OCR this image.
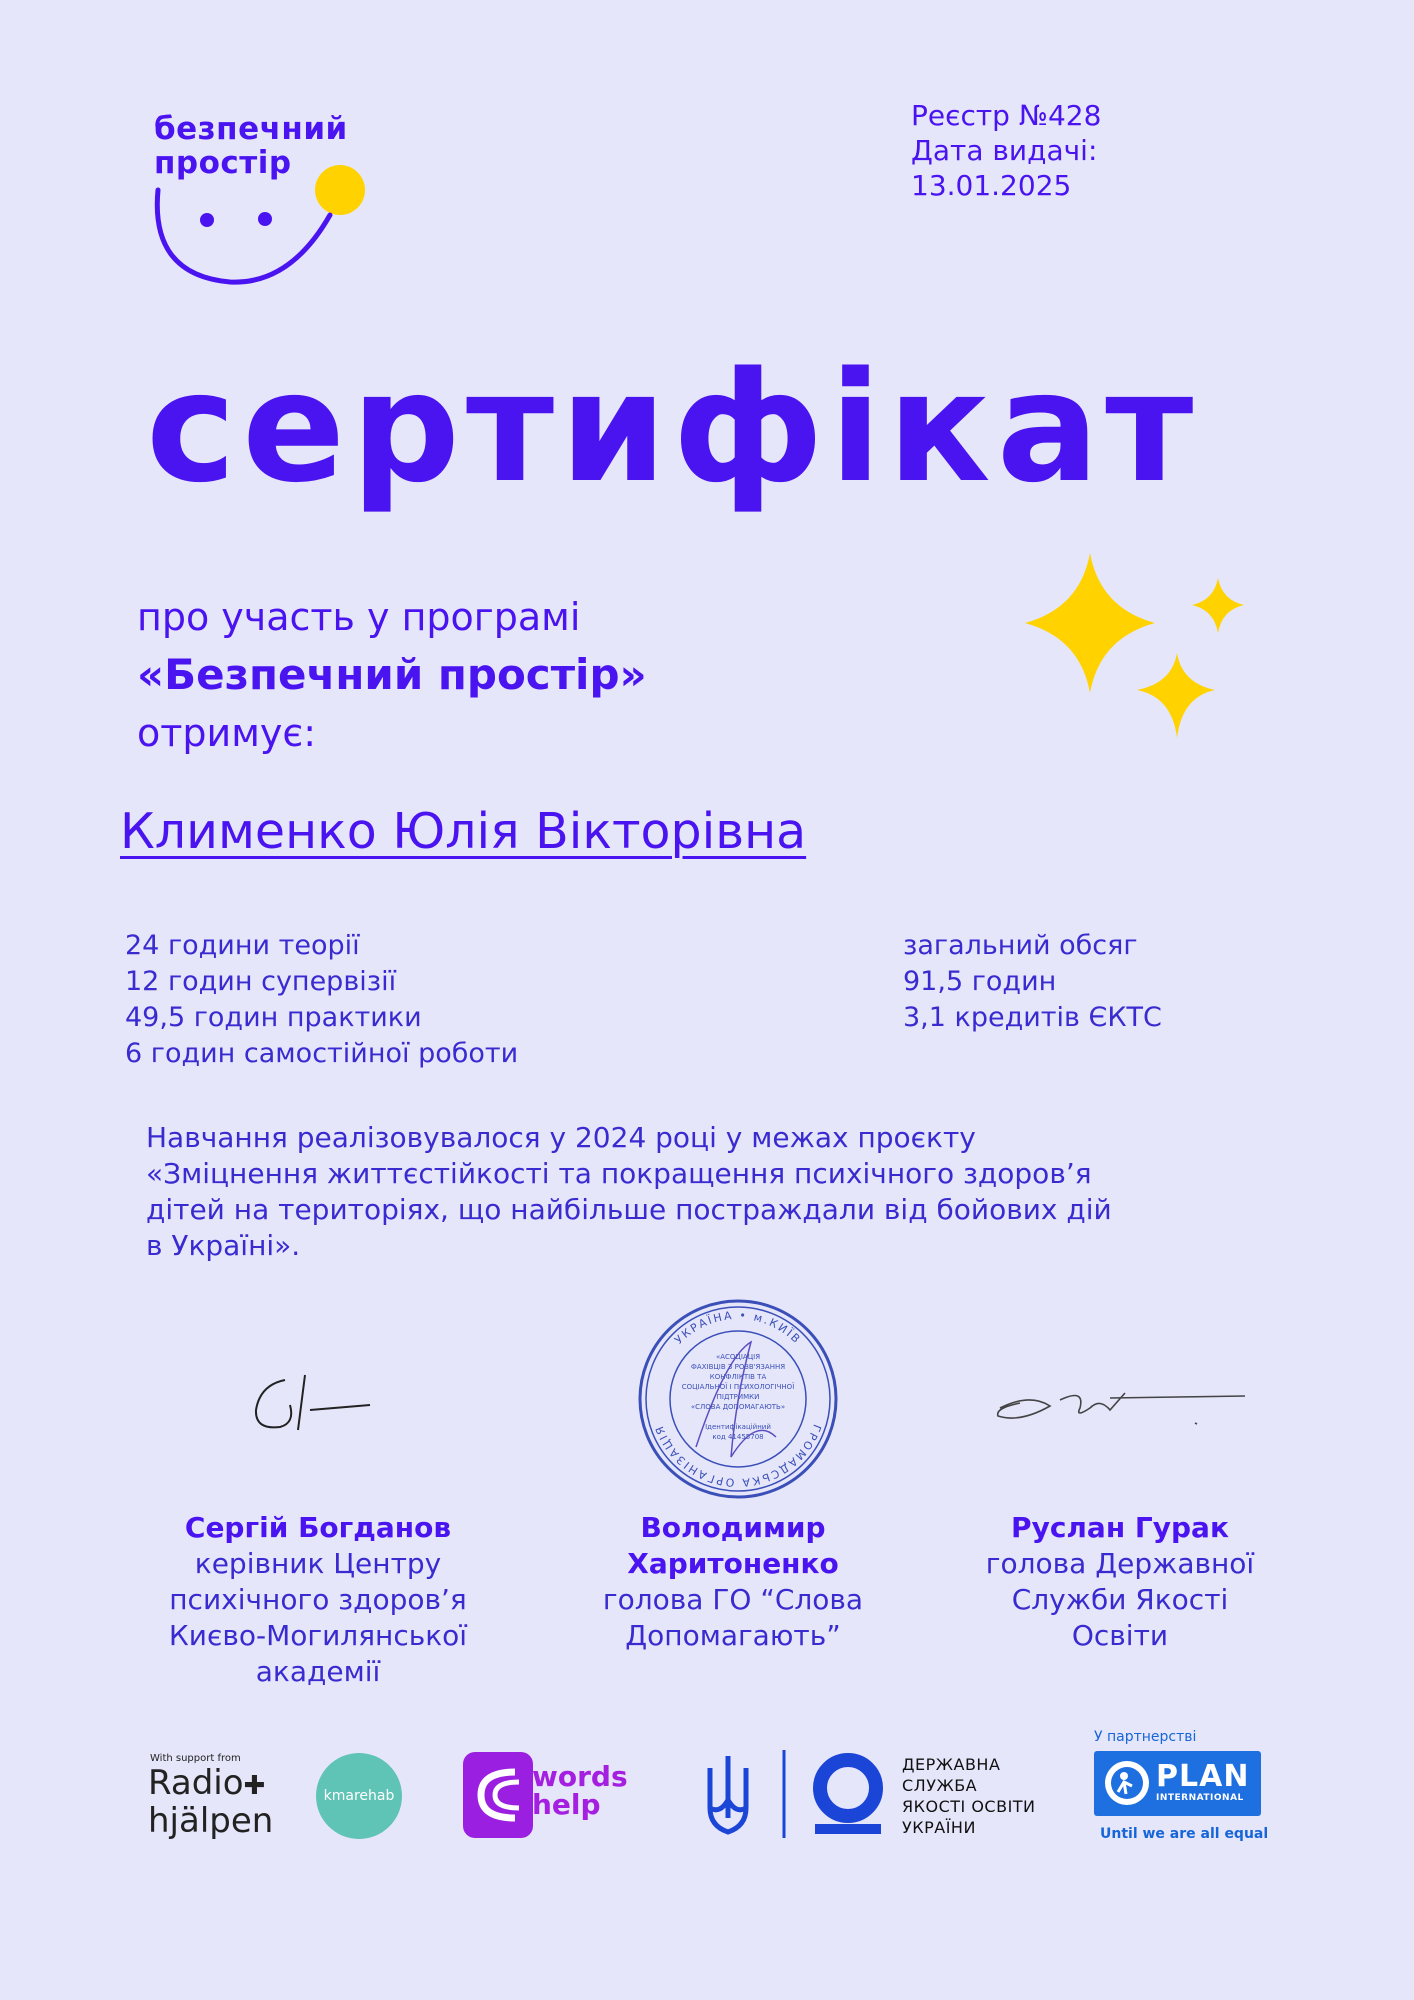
безпечний
простір
Реєстр №428
Дата видачі:
13.01.2025
сертифікат
про участь у програмі
«Безпечний простір»
отримує:
Клименко Юлія Вікторівна
24 години теорії
12 годин супервізії
49,5 годин практики
6 годин самостійної роботи
загальний обсяг
91,5 годин
3,1 кредитів ЄКТС
Навчання реалізовувалося у 2024 році у межах проєкту
«Зміцнення життєстійкості та покращення психічного здоров’я
дітей на територіях, що найбільше постраждали від бойових дій
в Україні».
УКРАЇНА • м.КИЇВ
ГРОМАДСЬКА ОРГАНІЗАЦІЯ
«АСОЦІАЦІЯ
ФАХІВЦІВ З РОЗВ'ЯЗАННЯ
КОНФЛІКТІВ ТА
СОЦІАЛЬНОЇ І ПСИХОЛОГІЧНОЇ
ПІДТРИМКИ
«СЛОВА ДОПОМАГАЮТЬ»
Ідентифікаційний
код 41455708
Сергій Богданов
керівник Центру
психічного здоров’я
Києво-Могилянської
академії
Володимир
Харитоненко
голова ГО “Слова
Допомагають”
Руслан Гурак
голова Державної
Служби Якості
Освіти
With support from
Radio✚
hjälpen
kmarehab
words
help
ДЕРЖАВНА
СЛУЖБА
ЯКОСТІ ОСВІТИ
УКРАЇНИ
У партнерстві
PLAN
INTERNATIONAL
Until we are all equal
